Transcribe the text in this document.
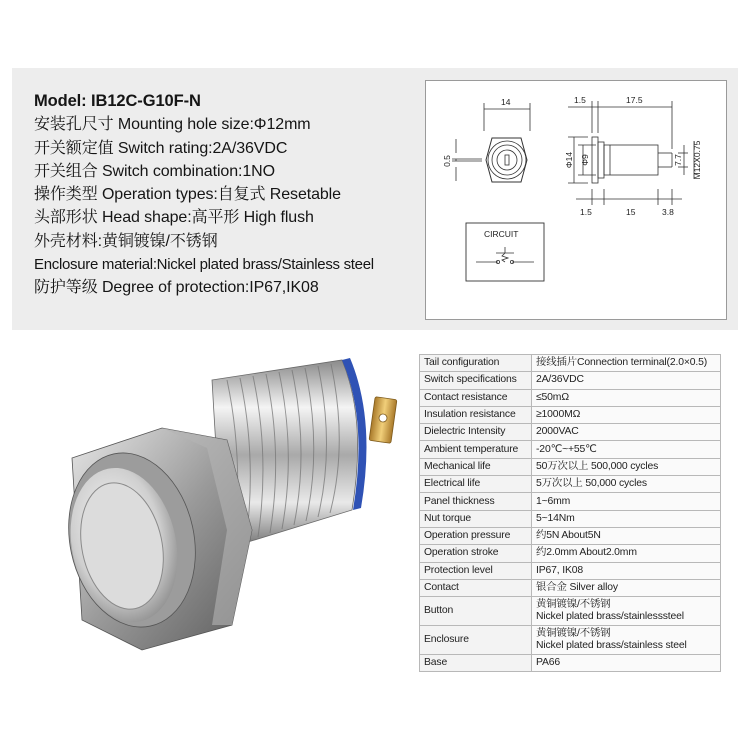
Model: IB12C-G10F-N
安装孔尺寸 Mounting hole size:Φ12mm
开关额定值 Switch rating:2A/36VDC
开关组合 Switch combination:1NO
操作类型 Operation types:自复式 Resetable
头部形状 Head shape:高平形 High flush
外壳材料:黄铜镀镍/不锈钢
Enclosure material:Nickel plated brass/Stainless steel
防护等级 Degree of protection:IP67,IK08
14
0.5
1.5	17.5
Φ14 Φ9	7.7 M12X0.75
1.5	15	3.8
CIRCUIT
Tail configuration	接线插片Connection terminal(2.0×0.5)
Switch specifications	2A/36VDC
Contact resistance	≤50mΩ
Insulation resistance	≥1000MΩ
Dielectric Intensity	2000VAC
Ambient temperature	-20℃~+55℃
Mechanical life	50万次以上 500,000 cycles
Electrical life	5万次以上 50,000 cycles
Panel thickness	1~6mm
Nut torque	5~14Nm
Operation pressure	约5N About5N
Operation stroke	约2.0mm About2.0mm
Protection level	IP67, IK08
Contact	银合金 Silver alloy
Button	黄铜镀镍/不锈钢
Nickel plated brass/stainlesssteel

Enclosure	黄铜镀镍/不锈钢
Nickel plated brass/stainless steel

Base	PA66
